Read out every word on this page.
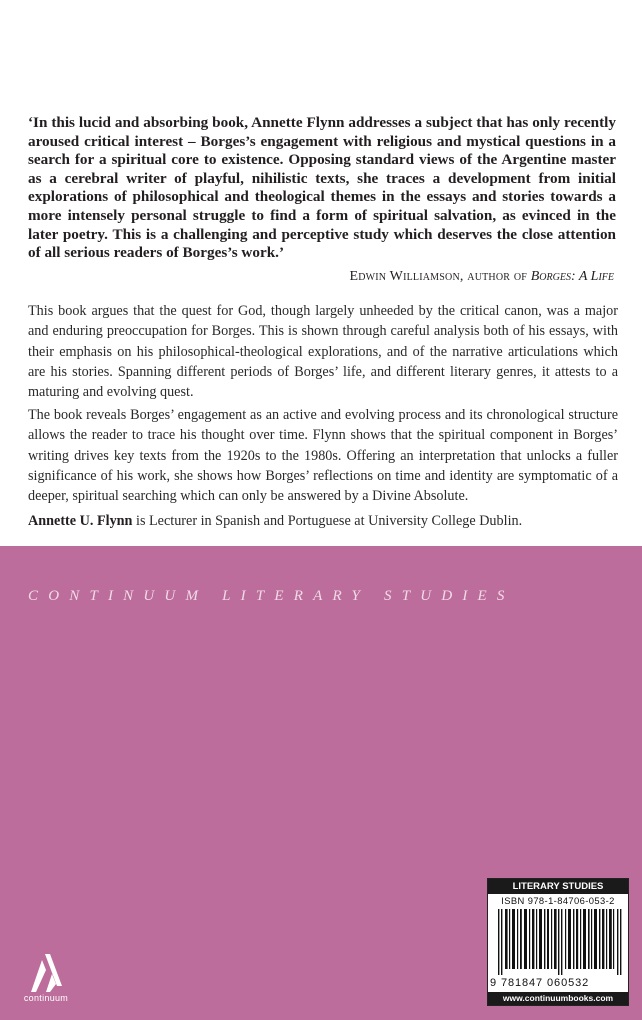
‘In this lucid and absorbing book, Annette Flynn addresses a subject that has only recently aroused critical interest – Borges’s engagement with religious and mystical questions in a search for a spiritual core to existence. Opposing standard views of the Argentine master as a cerebral writer of playful, nihilistic texts, she traces a development from initial explorations of philosophical and theological themes in the essays and stories towards a more intensely personal struggle to find a form of spiritual salvation, as evinced in the later poetry. This is a challenging and perceptive study which deserves the close attention of all serious readers of Borges’s work.’

Edwin Williamson, author of Borges: A Life

This book argues that the quest for God, though largely unheeded by the critical canon, was a major and enduring preoccupation for Borges. This is shown through careful analysis both of his essays, with their emphasis on his philosophical-theological explorations, and of the narrative articulations which are his stories. Spanning different periods of Borges’ life, and different literary genres, it attests to a maturing and evolving quest.

The book reveals Borges’ engagement as an active and evolving process and its chronological structure allows the reader to trace his thought over time. Flynn shows that the spiritual component in Borges’ writing drives key texts from the 1920s to the 1980s. Offering an interpretation that unlocks a fuller significance of his work, she shows how Borges’ reflections on time and identity are symptomatic of a deeper, spiritual searching which can only be answered by a Divine Absolute.

Annette U. Flynn is Lecturer in Spanish and Portuguese at University College Dublin.

CONTINUUM LITERARY STUDIES
continuum
LITERARY STUDIES
ISBN 978-1-84706-053-2
9 781847 060532
www.continuumbooks.com
